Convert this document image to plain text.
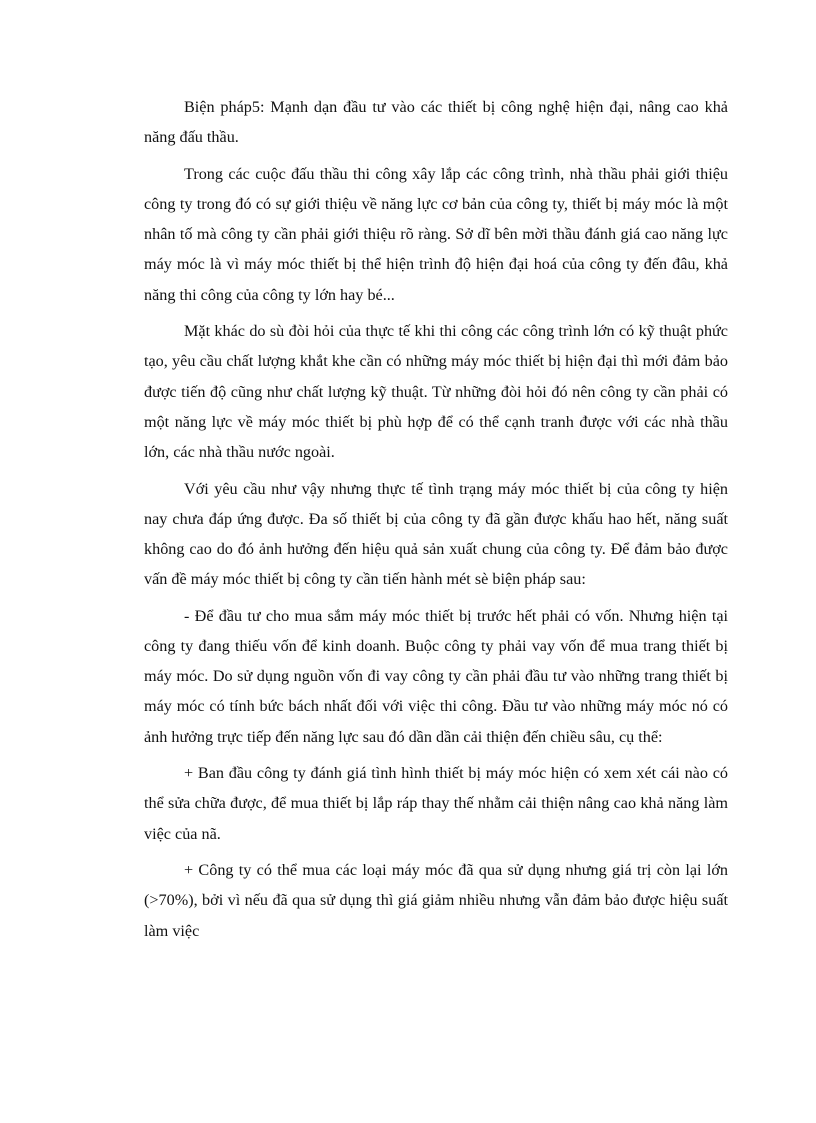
Biện pháp5: Mạnh dạn đầu tư vào các thiết bị công nghệ hiện đại, nâng cao khả năng đấu thầu.

Trong các cuộc đấu thầu thi công xây lắp các công trình, nhà thầu phải giới thiệu công ty trong đó có sự giới thiệu về năng lực cơ bản của công ty, thiết bị máy móc là một nhân tố mà công ty cần phải giới thiệu rõ ràng. Sở dĩ bên mời thầu đánh giá cao năng lực máy móc là vì máy móc thiết bị thể hiện trình độ hiện đại hoá của công ty đến đâu, khả năng thi công của công ty lớn hay bé...

Mặt khác do sù đòi hỏi của thực tế khi thi công các công trình lớn có kỹ thuật phức tạo, yêu cầu chất lượng khắt khe cần có những máy móc thiết bị hiện đại thì mới đảm bảo được tiến độ cũng như chất lượng kỹ thuật. Từ những đòi hỏi đó nên công ty cần phải có một năng lực về máy móc thiết bị phù hợp để có thể cạnh tranh được với các nhà thầu lớn, các nhà thầu nước ngoài.

Với yêu cầu như vậy nhưng thực tế tình trạng máy móc thiết bị của công ty hiện nay chưa đáp ứng được. Đa số thiết bị của công ty đã gần được khấu hao hết, năng suất không cao do đó ảnh hưởng đến hiệu quả sản xuất chung của công ty. Để đảm bảo được vấn đề máy móc thiết bị công ty cần tiến hành mét sè biện pháp sau:

- Để đầu tư cho mua sắm máy móc thiết bị trước hết phải có vốn. Nhưng hiện tại công ty đang thiếu vốn để kinh doanh. Buộc công ty phải vay vốn để mua trang thiết bị máy móc. Do sử dụng nguồn vốn đi vay công ty cần phải đầu tư vào những trang thiết bị máy móc có tính bức bách nhất đối với việc thi công. Đầu tư vào những máy móc nó có ảnh hưởng trực tiếp đến năng lực sau đó dần dần cải thiện đến chiều sâu, cụ thể:

+ Ban đầu công ty đánh giá tình hình thiết bị máy móc hiện có xem xét cái nào có thể sửa chữa được, để mua thiết bị lắp ráp thay thế nhằm cải thiện nâng cao khả năng làm việc của nã.

+ Công ty có thể mua các loại máy móc đã qua sử dụng nhưng giá trị còn lại lớn (>70%), bởi vì nếu đã qua sử dụng thì giá giảm nhiều nhưng vẫn đảm bảo được hiệu suất làm việc
